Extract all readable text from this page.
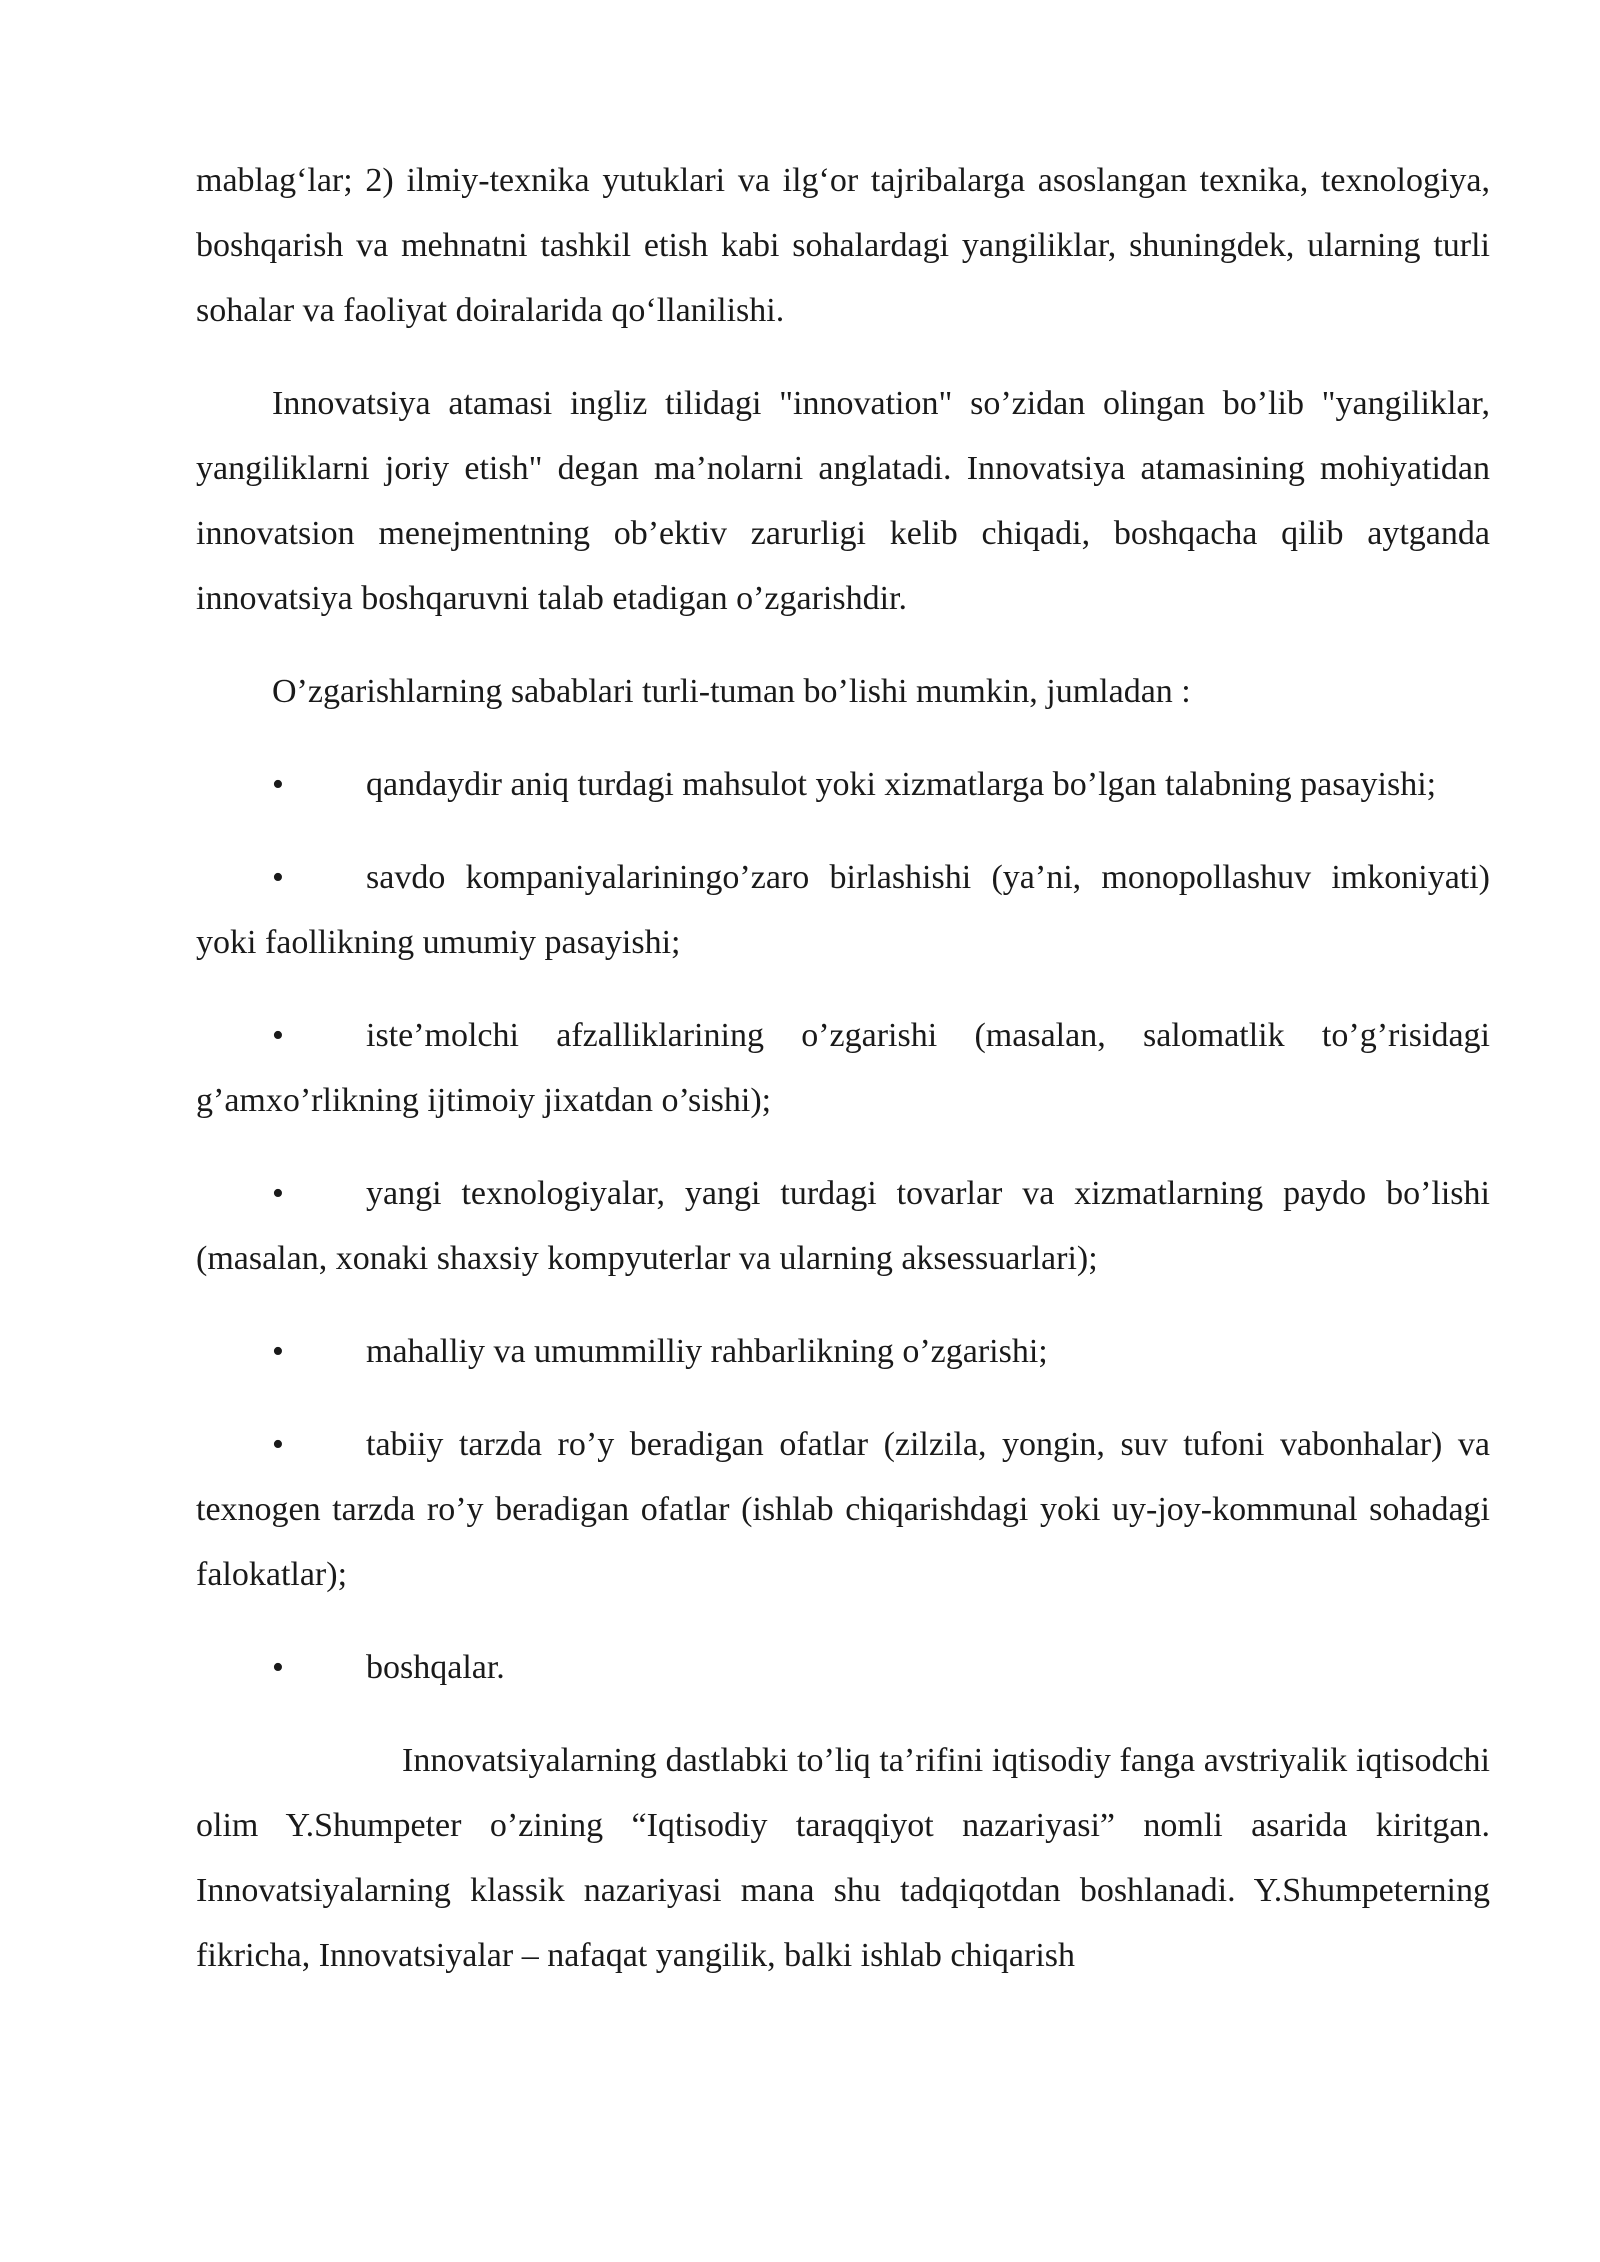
mablag‘lar; 2) ilmiy-texnika yutuklari va ilg‘or tajribalarga asoslangan texnika, texnologiya, boshqarish va mehnatni tashkil etish kabi sohalardagi yangiliklar, shuningdek, ularning turli sohalar va faoliyat doiralarida qo‘llanilishi.

Innovatsiya atamasi ingliz tilidagi "innovation" so’zidan olingan bo’lib "yangiliklar, yangiliklarni joriy etish" degan ma’nolarni anglatadi. Innovatsiya atamasining mohiyatidan innovatsion menejmentning ob’ektiv zarurligi kelib chiqadi, boshqacha qilib aytganda innovatsiya boshqaruvni talab etadigan o’zgarishdir.

O’zgarishlarning sabablari turli-tuman bo’lishi mumkin, jumladan :

• qandaydir aniq turdagi mahsulot yoki xizmatlarga bo’lgan talabning pasayishi;

• savdo kompaniyalariningo’zaro birlashishi (ya’ni, monopollashuv imkoniyati) yoki faollikning umumiy pasayishi;

• iste’molchi afzalliklarining o’zgarishi (masalan, salomatlik to’g’risidagi g’amxo’rlikning ijtimoiy jixatdan o’sishi);

• yangi texnologiyalar, yangi turdagi tovarlar va xizmatlarning paydo bo’lishi (masalan, xonaki shaxsiy kompyuterlar va ularning aksessuarlari);

• mahalliy va umummilliy rahbarlikning o’zgarishi;

• tabiiy tarzda ro’y beradigan ofatlar (zilzila, yongin, suv tufoni vabonhalar) va texnogen tarzda ro’y beradigan ofatlar (ishlab chiqarishdagi yoki uy-joy-kommunal sohadagi falokatlar);

• boshqalar.

Innovatsiyalarning dastlabki to’liq ta’rifini iqtisodiy fanga avstriyalik iqtisodchi olim Y.Shumpeter o’zining “Iqtisodiy taraqqiyot nazariyasi” nomli asarida kiritgan. Innovatsiyalarning klassik nazariyasi mana shu tadqiqotdan boshlanadi. Y.Shumpeterning fikricha, Innovatsiyalar – nafaqat yangilik, balki ishlab chiqarish
